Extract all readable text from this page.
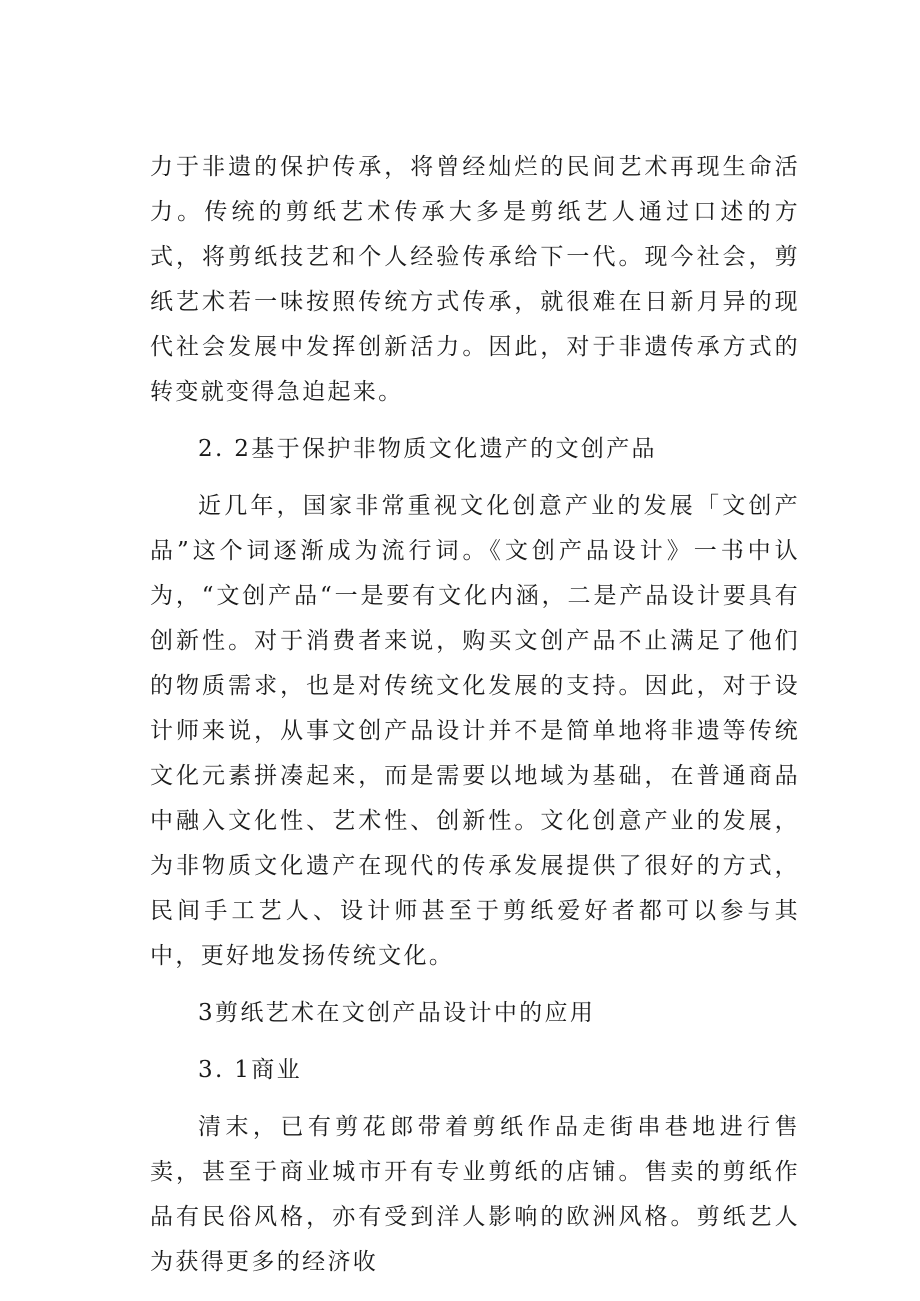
力于非遗的保护传承，将曾经灿烂的民间艺术再现生命活力。传统的剪纸艺术传承大多是剪纸艺人通过口述的方式，将剪纸技艺和个人经验传承给下一代。现今社会，剪纸艺术若一味按照传统方式传承，就很难在日新月异的现代社会发展中发挥创新活力。因此，对于非遗传承方式的转变就变得急迫起来。

2. 2基于保护非物质文化遗产的文创产品

近几年，国家非常重视文化创意产业的发展「文创产品”这个词逐渐成为流行词。《文创产品设计》一书中认为，“文创产品“一是要有文化内涵，二是产品设计要具有创新性。对于消费者来说，购买文创产品不止满足了他们的物质需求，也是对传统文化发展的支持。因此，对于设计师来说，从事文创产品设计并不是简单地将非遗等传统文化元素拼凑起来，而是需要以地域为基础，在普通商品中融入文化性、艺术性、创新性。文化创意产业的发展，为非物质文化遗产在现代的传承发展提供了很好的方式，民间手工艺人、设计师甚至于剪纸爱好者都可以参与其中，更好地发扬传统文化。

3剪纸艺术在文创产品设计中的应用

3. 1商业

清末，已有剪花郎带着剪纸作品走街串巷地进行售卖，甚至于商业城市开有专业剪纸的店铺。售卖的剪纸作品有民俗风格，亦有受到洋人影响的欧洲风格。剪纸艺人为获得更多的经济收
